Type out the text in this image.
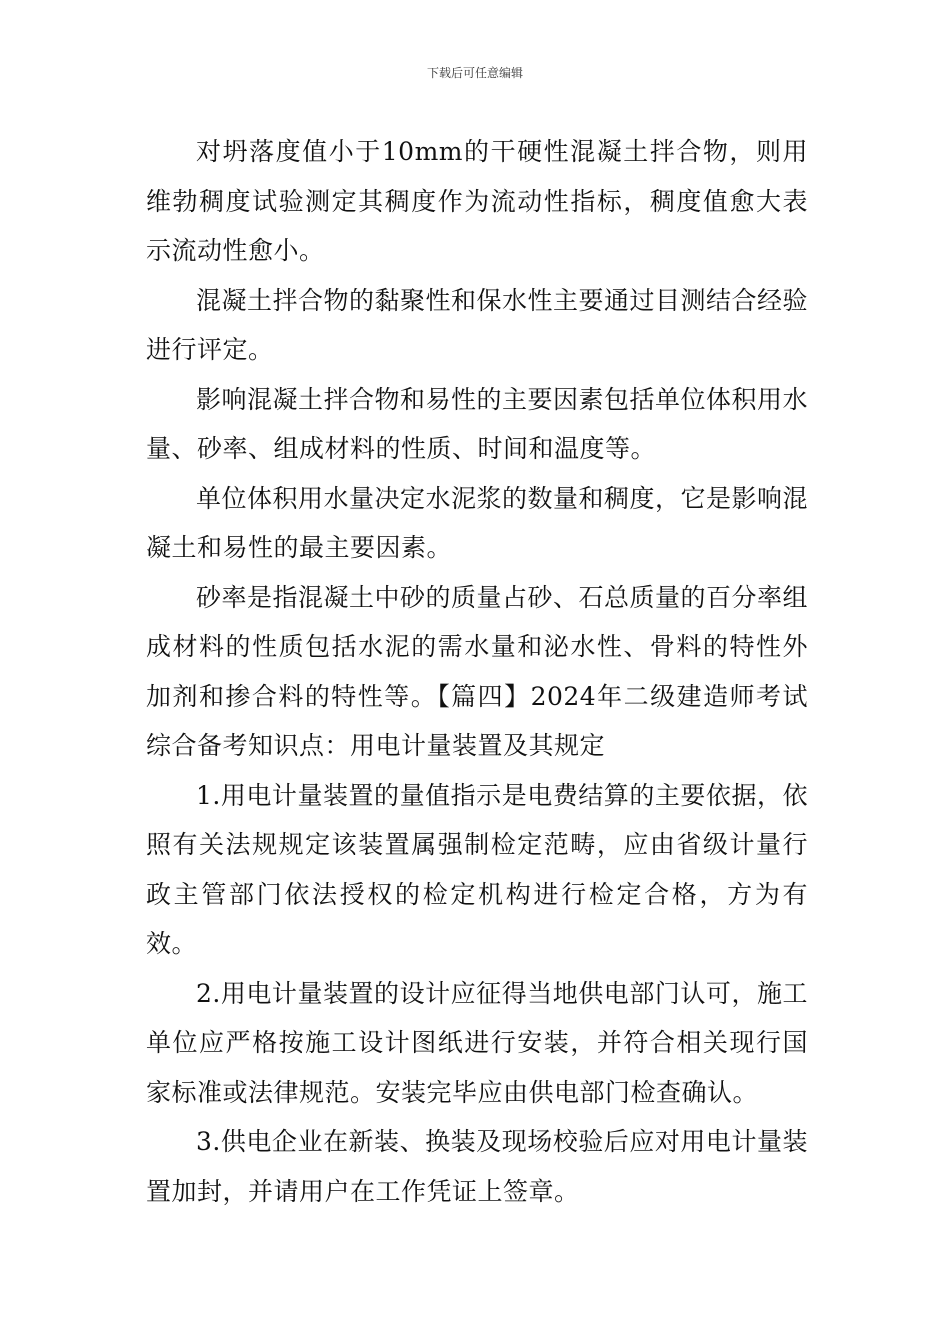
下载后可任意编辑

对坍落度值小于10mm的干硬性混凝土拌合物，则用维勃稠度试验测定其稠度作为流动性指标，稠度值愈大表示流动性愈小。

混凝土拌合物的黏聚性和保水性主要通过目测结合经验进行评定。

影响混凝土拌合物和易性的主要因素包括单位体积用水量、砂率、组成材料的性质、时间和温度等。

单位体积用水量决定水泥浆的数量和稠度，它是影响混凝土和易性的最主要因素。

砂率是指混凝土中砂的质量占砂、石总质量的百分率组成材料的性质包括水泥的需水量和泌水性、骨料的特性外加剂和掺合料的特性等。【篇四】2024年二级建造师考试综合备考知识点：用电计量装置及其规定

1.用电计量装置的量值指示是电费结算的主要依据，依照有关法规规定该装置属强制检定范畴，应由省级计量行政主管部门依法授权的检定机构进行检定合格，方为有效。

2.用电计量装置的设计应征得当地供电部门认可，施工单位应严格按施工设计图纸进行安装，并符合相关现行国家标准或法律规范。安装完毕应由供电部门检查确认。

3.供电企业在新装、换装及现场校验后应对用电计量装置加封，并请用户在工作凭证上签章。
